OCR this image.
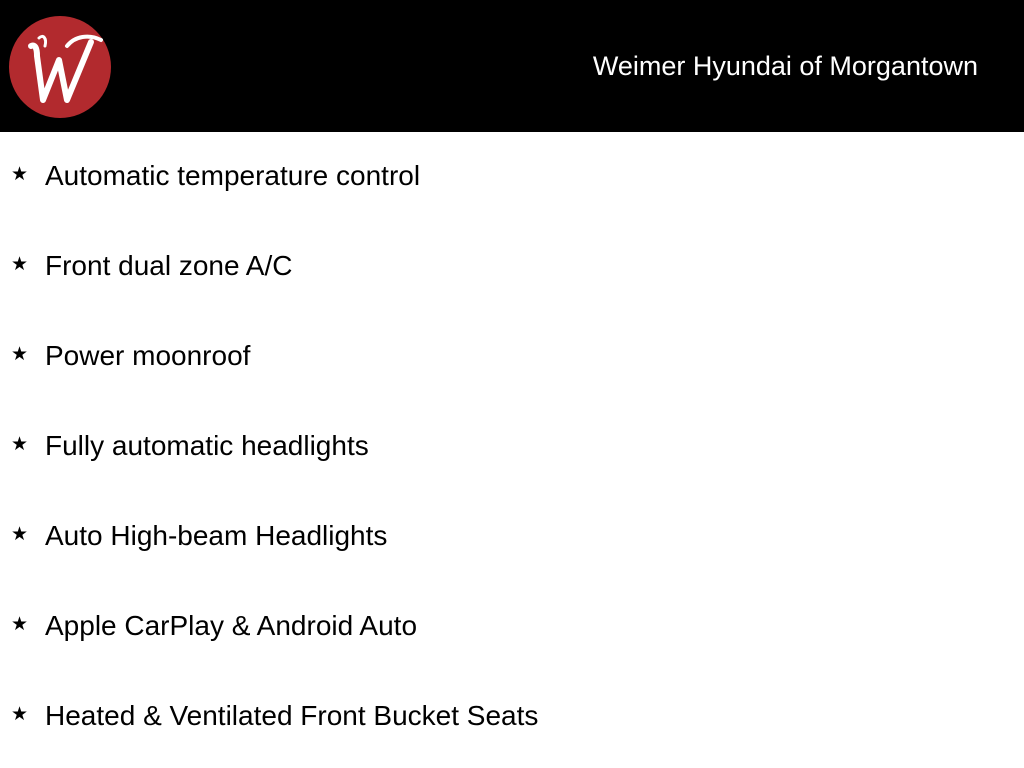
Weimer Hyundai of Morgantown
★ Automatic temperature control
★ Front dual zone A/C
★ Power moonroof
★ Fully automatic headlights
★ Auto High-beam Headlights
★ Apple CarPlay & Android Auto
★ Heated & Ventilated Front Bucket Seats
